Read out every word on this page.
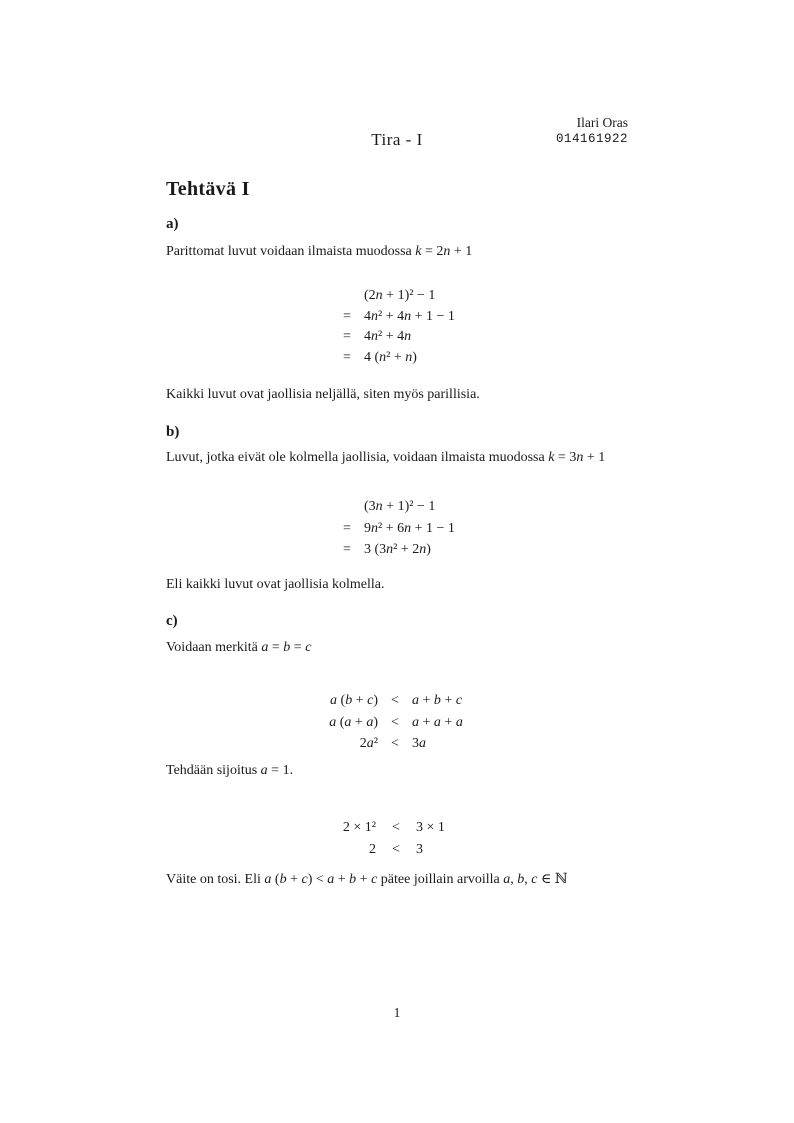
Ilari Oras
014161922
Tira - I
Tehtävä I
a)
Parittomat luvut voidaan ilmaista muodossa k = 2n + 1
(2n + 1)² − 1
= 4n² + 4n + 1 − 1
= 4n² + 4n
= 4 (n² + n)
Kaikki luvut ovat jaollisia neljällä, siten myös parillisia.
b)
Luvut, jotka eivät ole kolmella jaollisia, voidaan ilmaista muodossa k = 3n + 1
(3n + 1)² − 1
= 9n² + 6n + 1 − 1
= 3 (3n² + 2n)
Eli kaikki luvut ovat jaollisia kolmella.
c)
Voidaan merkitä a = b = c
a (b + c) < a + b + c
a (a + a) < a + a + a
2a² < 3a
Tehdään sijoitus a = 1.
2 × 1²	<	3 × 1
2	<	3
Väite on tosi. Eli a (b + c) < a + b + c pätee joillain arvoilla a, b, c ∈ ℕ
1
